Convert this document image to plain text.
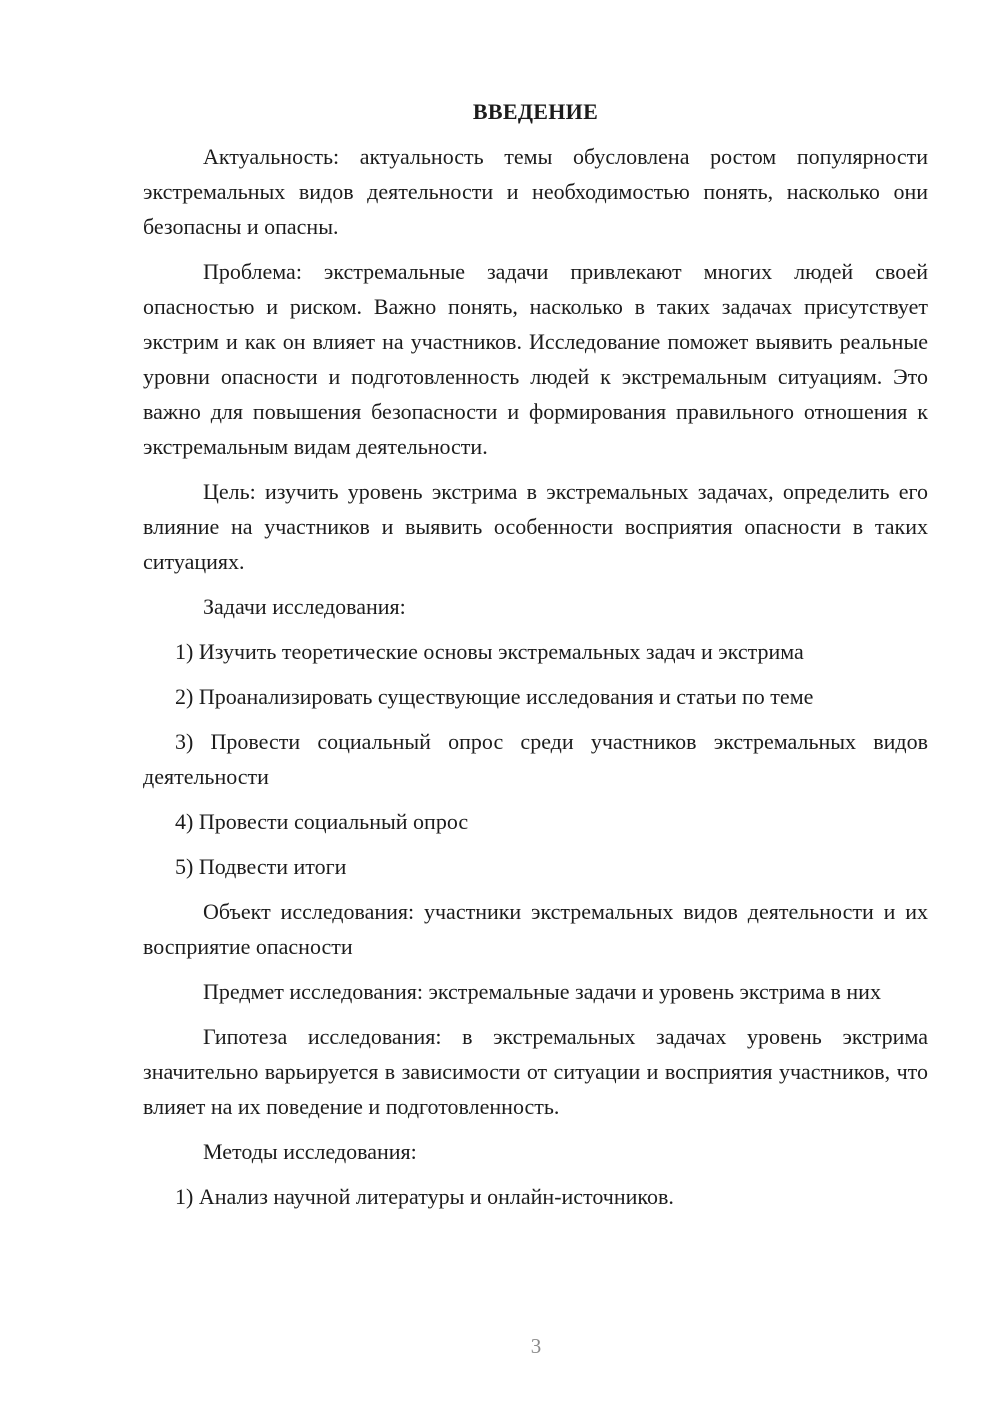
ВВЕДЕНИЕ

Актуальность: актуальность темы обусловлена ростом популярности экстремальных видов деятельности и необходимостью понять, насколько они безопасны и опасны.

Проблема: экстремальные задачи привлекают многих людей своей опасностью и риском. Важно понять, насколько в таких задачах присутствует экстрим и как он влияет на участников. Исследование поможет выявить реальные уровни опасности и подготовленность людей к экстремальным ситуациям. Это важно для повышения безопасности и формирования правильного отношения к экстремальным видам деятельности.

Цель: изучить уровень экстрима в экстремальных задачах, определить его влияние на участников и выявить особенности восприятия опасности в таких ситуациях.

Задачи исследования:

1) Изучить теоретические основы экстремальных задач и экстрима

2) Проанализировать существующие исследования и статьи по теме

3) Провести социальный опрос среди участников экстремальных видов деятельности

4) Провести социальный опрос

5) Подвести итоги

Объект исследования: участники экстремальных видов деятельности и их восприятие опасности

Предмет исследования: экстремальные задачи и уровень экстрима в них

Гипотеза исследования: в экстремальных задачах уровень экстрима значительно варьируется в зависимости от ситуации и восприятия участников, что влияет на их поведение и подготовленность.

Методы исследования:

1) Анализ научной литературы и онлайн-источников.

3
